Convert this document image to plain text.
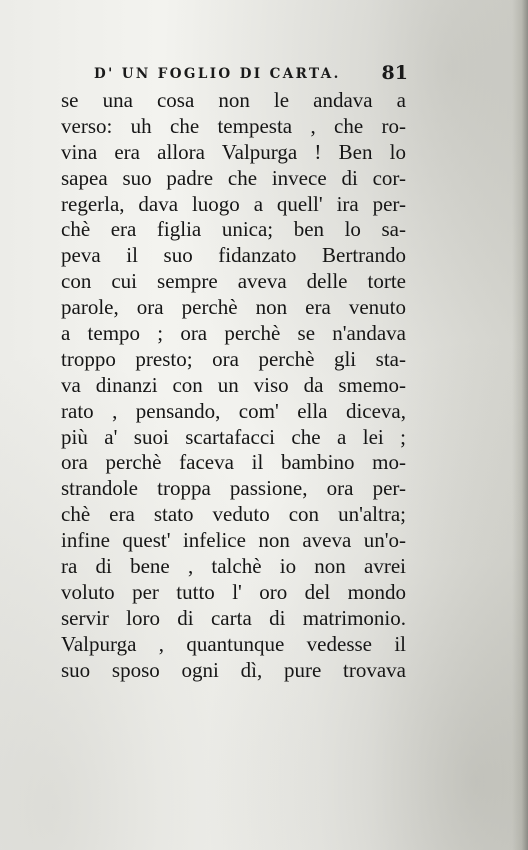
D' UN FOGLIO DI CARTA. 81
se una cosa non le andava a
verso: uh che tempesta , che ro-
vina era allora Valpurga ! Ben lo
sapea suo padre che invece di cor-
regerla, dava luogo a quell' ira per-
chè era figlia unica; ben lo sa-
peva il suo fidanzato Bertrando
con cui sempre aveva delle torte
parole, ora perchè non era venuto
a tempo ; ora perchè se n'andava
troppo presto; ora perchè gli sta-
va dinanzi con un viso da smemo-
rato , pensando, com' ella diceva,
più a' suoi scartafacci che a lei ;
ora perchè faceva il bambino mo-
strandole troppa passione, ora per-
chè era stato veduto con un'altra;
infine quest' infelice non aveva un'o-
ra di bene , talchè io non avrei
voluto per tutto l' oro del mondo
servir loro di carta di matrimonio.
Valpurga , quantunque vedesse il
suo sposo ogni dì, pure trovava
